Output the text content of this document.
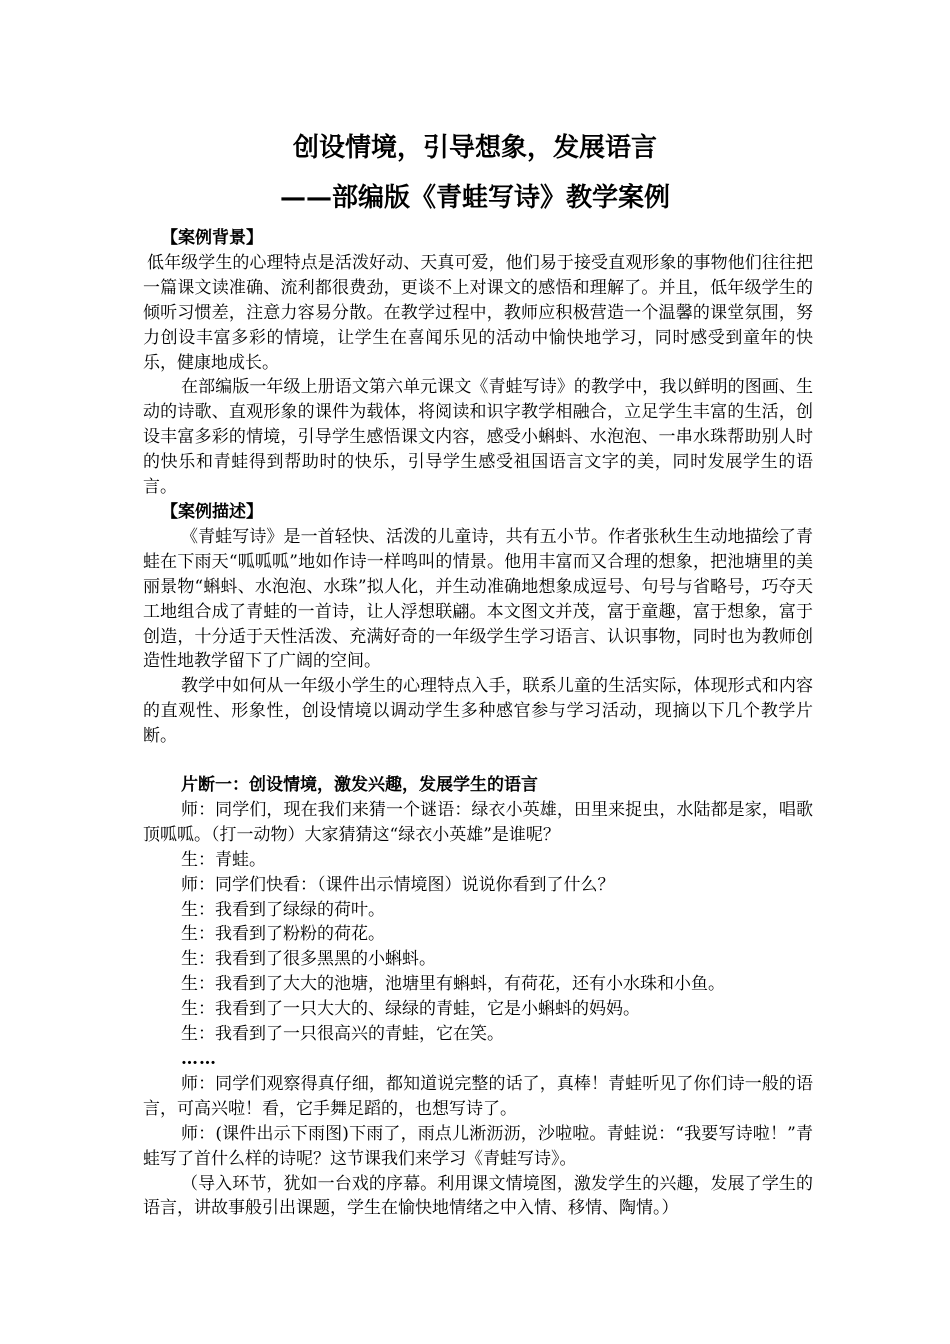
创设情境，引导想象，发展语言
——部编版《青蛙写诗》教学案例

【案例背景】

低年级学生的心理特点是活泼好动、天真可爱，他们易于接受直观形象的事物他们往往把一篇课文读准确、流利都很费劲，更谈不上对课文的感悟和理解了。并且，低年级学生的倾听习惯差，注意力容易分散。在教学过程中，教师应积极营造一个温馨的课堂氛围，努力创设丰富多彩的情境，让学生在喜闻乐见的活动中愉快地学习，同时感受到童年的快乐，健康地成长。

在部编版一年级上册语文第六单元课文《青蛙写诗》的教学中，我以鲜明的图画、生动的诗歌、直观形象的课件为载体，将阅读和识字教学相融合，立足学生丰富的生活，创设丰富多彩的情境，引导学生感悟课文内容，感受小蝌蚪、水泡泡、一串水珠帮助别人时的快乐和青蛙得到帮助时的快乐，引导学生感受祖国语言文字的美，同时发展学生的语言。

【案例描述】

《青蛙写诗》是一首轻快、活泼的儿童诗，共有五小节。作者张秋生生动地描绘了青蛙在下雨天“呱呱呱”地如作诗一样鸣叫的情景。他用丰富而又合理的想象，把池塘里的美丽景物“蝌蚪、水泡泡、水珠”拟人化，并生动准确地想象成逗号、句号与省略号，巧夺天工地组合成了青蛙的一首诗，让人浮想联翩。本文图文并茂，富于童趣，富于想象，富于创造，十分适于天性活泼、充满好奇的一年级学生学习语言、认识事物，同时也为教师创造性地教学留下了广阔的空间。

教学中如何从一年级小学生的心理特点入手，联系儿童的生活实际，体现形式和内容的直观性、形象性，创设情境以调动学生多种感官参与学习活动，现摘以下几个教学片断。

片断一：创设情境，激发兴趣，发展学生的语言

师：同学们，现在我们来猜一个谜语：绿衣小英雄，田里来捉虫，水陆都是家，唱歌顶呱呱。（打一动物）大家猜猜这“绿衣小英雄”是谁呢？

生：青蛙。

师：同学们快看：（课件出示情境图）说说你看到了什么？

生：我看到了绿绿的荷叶。

生：我看到了粉粉的荷花。

生：我看到了很多黑黑的小蝌蚪。

生：我看到了大大的池塘，池塘里有蝌蚪，有荷花，还有小水珠和小鱼。

生：我看到了一只大大的、绿绿的青蛙，它是小蝌蚪的妈妈。

生：我看到了一只很高兴的青蛙，它在笑。

……

师：同学们观察得真仔细，都知道说完整的话了，真棒！青蛙听见了你们诗一般的语言，可高兴啦！看，它手舞足蹈的，也想写诗了。

师：(课件出示下雨图)下雨了，雨点儿淅沥沥，沙啦啦。青蛙说：“我要写诗啦！”青蛙写了首什么样的诗呢？这节课我们来学习《青蛙写诗》。

（导入环节，犹如一台戏的序幕。利用课文情境图，激发学生的兴趣，发展了学生的语言，讲故事般引出课题，学生在愉快地情绪之中入情、移情、陶情。）
